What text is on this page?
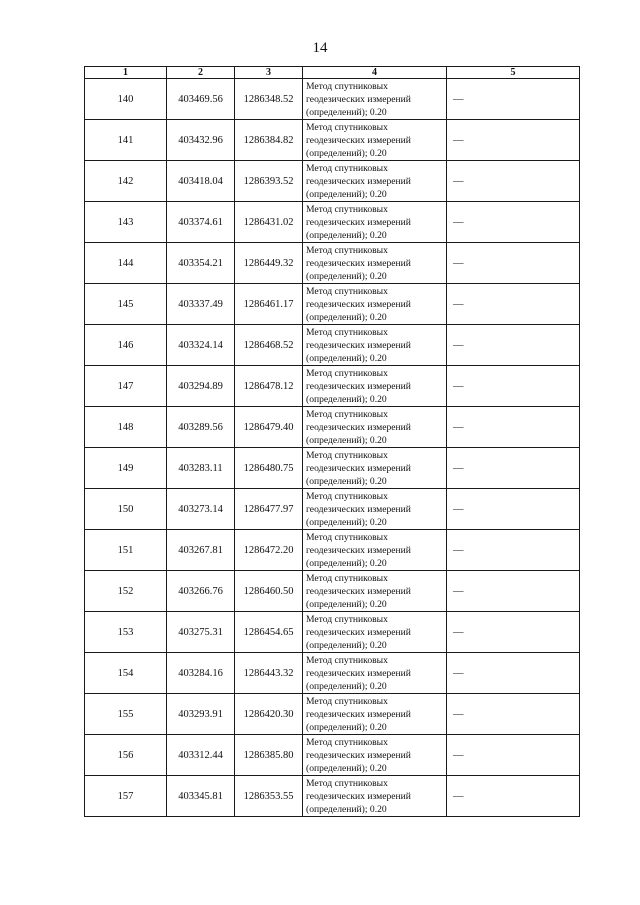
14
1	2	3	4	5
140	403469.56	1286348.52	Метод спутниковых
геодезических измерений
(определений); 0.20	—
141	403432.96	1286384.82	Метод спутниковых
геодезических измерений
(определений); 0.20	—
142	403418.04	1286393.52	Метод спутниковых
геодезических измерений
(определений); 0.20	—
143	403374.61	1286431.02	Метод спутниковых
геодезических измерений
(определений); 0.20	—
144	403354.21	1286449.32	Метод спутниковых
геодезических измерений
(определений); 0.20	—
145	403337.49	1286461.17	Метод спутниковых
геодезических измерений
(определений); 0.20	—
146	403324.14	1286468.52	Метод спутниковых
геодезических измерений
(определений); 0.20	—
147	403294.89	1286478.12	Метод спутниковых
геодезических измерений
(определений); 0.20	—
148	403289.56	1286479.40	Метод спутниковых
геодезических измерений
(определений); 0.20	—
149	403283.11	1286480.75	Метод спутниковых
геодезических измерений
(определений); 0.20	—
150	403273.14	1286477.97	Метод спутниковых
геодезических измерений
(определений); 0.20	—
151	403267.81	1286472.20	Метод спутниковых
геодезических измерений
(определений); 0.20	—
152	403266.76	1286460.50	Метод спутниковых
геодезических измерений
(определений); 0.20	—
153	403275.31	1286454.65	Метод спутниковых
геодезических измерений
(определений); 0.20	—
154	403284.16	1286443.32	Метод спутниковых
геодезических измерений
(определений); 0.20	—
155	403293.91	1286420.30	Метод спутниковых
геодезических измерений
(определений); 0.20	—
156	403312.44	1286385.80	Метод спутниковых
геодезических измерений
(определений); 0.20	—
157	403345.81	1286353.55	Метод спутниковых
геодезических измерений
(определений); 0.20	—
